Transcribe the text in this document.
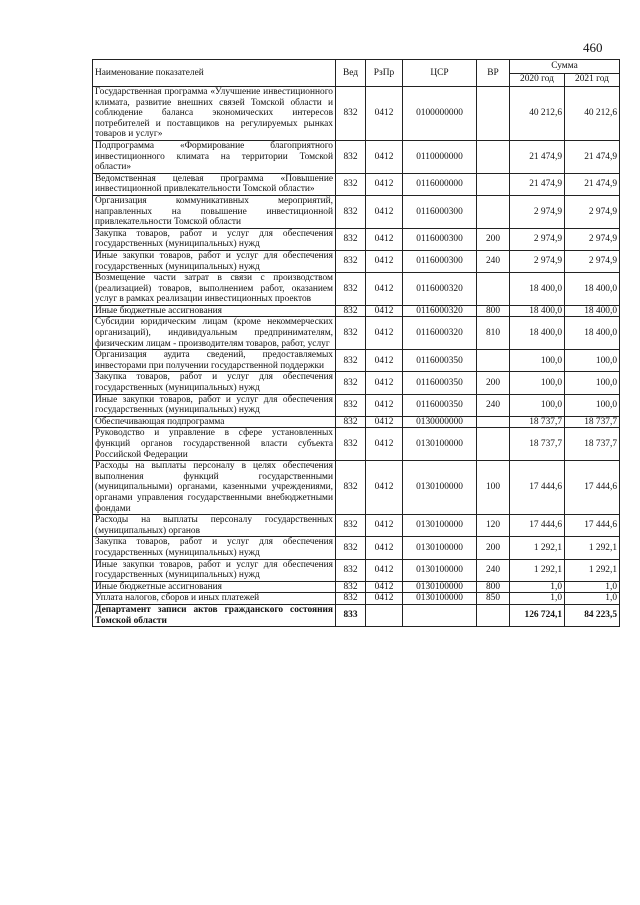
460
Наименование показателей	Вед	РзПр	ЦСР	ВР	Сумма	
					2020 год	2021 год
Государственная программа «Улучшение инвестиционного климата, развитие внешних связей Томской области и соблюдение баланса экономических интересов потребителей и поставщиков на регулируемых рынках товаров и услуг»	832	0412	0100000000		40 212,6	40 212,6
Подпрограмма «Формирование благоприятного инвестиционного климата на территории Томской области»	832	0412	0110000000		21 474,9	21 474,9
Ведомственная целевая программа «Повышение инвестиционной привлекательности Томской области»	832	0412	0116000000		21 474,9	21 474,9
Организация коммуникативных мероприятий, направленных на повышение инвестиционной привлекательности Томской области	832	0412	0116000300		2 974,9	2 974,9
Закупка товаров, работ и услуг для обеспечения государственных (муниципальных) нужд	832	0412	0116000300	200	2 974,9	2 974,9
Иные закупки товаров, работ и услуг для обеспечения государственных (муниципальных) нужд	832	0412	0116000300	240	2 974,9	2 974,9
Возмещение части затрат в связи с производством (реализацией) товаров, выполнением работ, оказанием услуг в рамках реализации инвестиционных проектов	832	0412	0116000320		18 400,0	18 400,0
Иные бюджетные ассигнования	832	0412	0116000320	800	18 400,0	18 400,0
Субсидии юридическим лицам (кроме некоммерческих организаций), индивидуальным предпринимателям, физическим лицам - производителям товаров, работ, услуг	832	0412	0116000320	810	18 400,0	18 400,0
Организация аудита сведений, предоставляемых инвесторами при получении государственной поддержки	832	0412	0116000350		100,0	100,0
Закупка товаров, работ и услуг для обеспечения государственных (муниципальных) нужд	832	0412	0116000350	200	100,0	100,0
Иные закупки товаров, работ и услуг для обеспечения государственных (муниципальных) нужд	832	0412	0116000350	240	100,0	100,0
Обеспечивающая подпрограмма	832	0412	0130000000		18 737,7	18 737,7
Руководство и управление в сфере установленных функций органов государственной власти субъекта Российской Федерации	832	0412	0130100000		18 737,7	18 737,7
Расходы на выплаты персоналу в целях обеспечения выполнения функций государственными (муниципальными) органами, казенными учреждениями, органами управления государственными внебюджетными фондами	832	0412	0130100000	100	17 444,6	17 444,6
Расходы на выплаты персоналу государственных (муниципальных) органов	832	0412	0130100000	120	17 444,6	17 444,6
Закупка товаров, работ и услуг для обеспечения государственных (муниципальных) нужд	832	0412	0130100000	200	1 292,1	1 292,1
Иные закупки товаров, работ и услуг для обеспечения государственных (муниципальных) нужд	832	0412	0130100000	240	1 292,1	1 292,1
Иные бюджетные ассигнования	832	0412	0130100000	800	1,0	1,0
Уплата налогов, сборов и иных платежей	832	0412	0130100000	850	1,0	1,0
Департамент записи актов гражданского состояния Томской области	833				126 724,1	84 223,5
